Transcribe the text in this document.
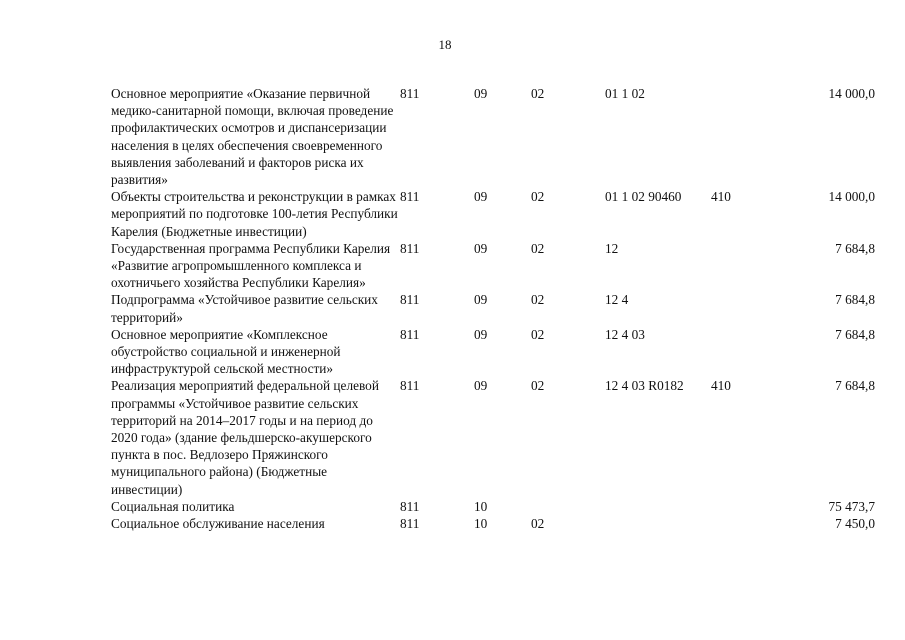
18
Основное мероприятие «Оказание первичной медико-санитарной помощи, включая проведение профилактических осмотров и диспансеризации населения в целях обеспечения своевременного выявления заболеваний и факторов риска их развития»	811	09	02	01 1 02		14 000,0
Объекты строительства и реконструкции в рамках мероприятий по подготовке 100-летия Республики Карелия (Бюджетные инвестиции)	811	09	02	01 1 02 90460	410	14 000,0
Государственная программа Республики Карелия «Развитие агропромышленного комплекса и охотничьего хозяйства Республики Карелия»	811	09	02	12		7 684,8
Подпрограмма «Устойчивое развитие сельских территорий»	811	09	02	12 4		7 684,8
Основное мероприятие «Комплексное обустройство социальной и инженерной инфраструктурой сельской местности»	811	09	02	12 4 03		7 684,8
Реализация мероприятий федеральной целевой программы «Устойчивое развитие сельских территорий на 2014–2017 годы и на период до 2020 года» (здание фельдшерско-акушерского пункта в пос. Ведлозеро Пряжинского муниципального района) (Бюджетные инвестиции)	811	09	02	12 4 03 R0182	410	7 684,8
Социальная политика	811	10				75 473,7
Социальное обслуживание населения	811	10	02			7 450,0
